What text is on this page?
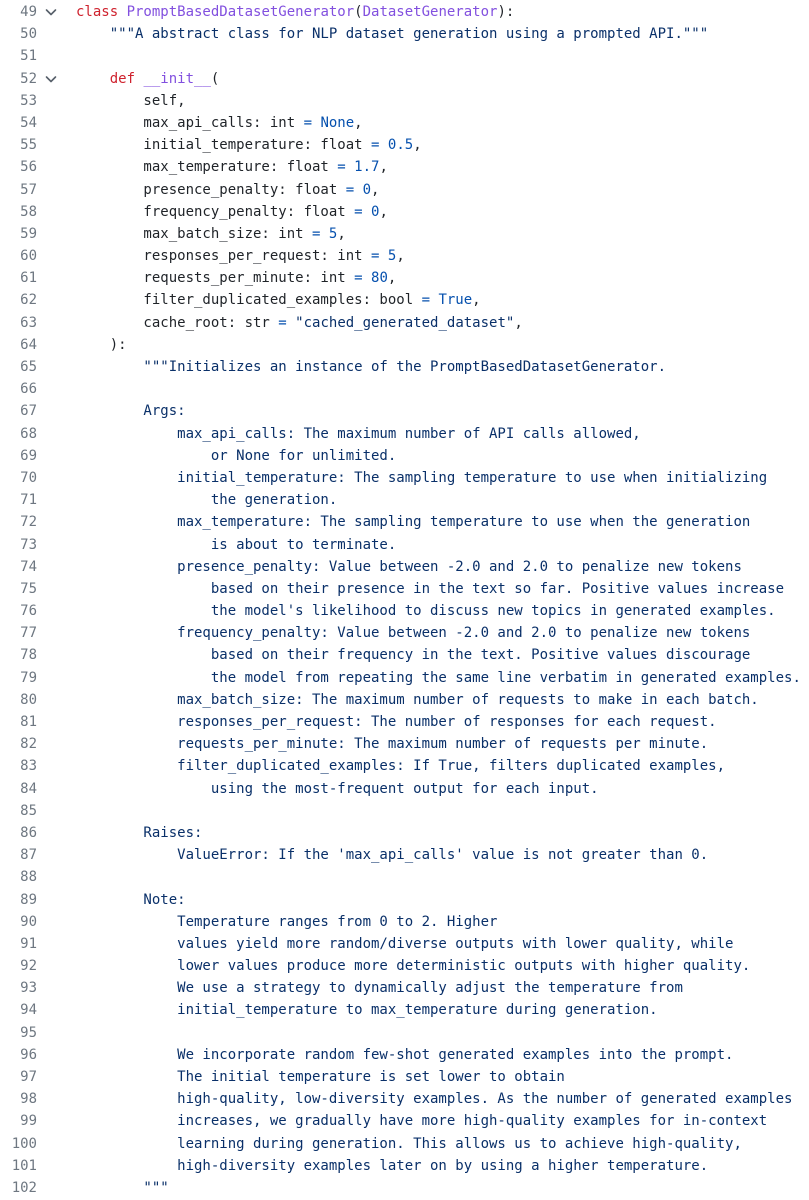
49	class PromptBasedDatasetGenerator(DatasetGenerator):
50	"""A abstract class for NLP dataset generation using a prompted API."""
51
52	def __init__(
53	self,
54	max_api_calls: int = None,
55	initial_temperature: float = 0.5,
56	max_temperature: float = 1.7,
57	presence_penalty: float = 0,
58	frequency_penalty: float = 0,
59	max_batch_size: int = 5,
60	responses_per_request: int = 5,
61	requests_per_minute: int = 80,
62	filter_duplicated_examples: bool = True,
63	cache_root: str = "cached_generated_dataset",
64	):
65	"""Initializes an instance of the PromptBasedDatasetGenerator.
66
67	Args:
68	max_api_calls: The maximum number of API calls allowed,
69	or None for unlimited.
70	initial_temperature: The sampling temperature to use when initializing
71	the generation.
72	max_temperature: The sampling temperature to use when the generation
73	is about to terminate.
74	presence_penalty: Value between -2.0 and 2.0 to penalize new tokens
75	based on their presence in the text so far. Positive values increase
76	the model's likelihood to discuss new topics in generated examples.
77	frequency_penalty: Value between -2.0 and 2.0 to penalize new tokens
78	based on their frequency in the text. Positive values discourage
79	the model from repeating the same line verbatim in generated examples.
80	max_batch_size: The maximum number of requests to make in each batch.
81	responses_per_request: The number of responses for each request.
82	requests_per_minute: The maximum number of requests per minute.
83	filter_duplicated_examples: If True, filters duplicated examples,
84	using the most-frequent output for each input.
85
86	Raises:
87	ValueError: If the 'max_api_calls' value is not greater than 0.
88
89	Note:
90	Temperature ranges from 0 to 2. Higher
91	values yield more random/diverse outputs with lower quality, while
92	lower values produce more deterministic outputs with higher quality.
93	We use a strategy to dynamically adjust the temperature from
94	initial_temperature to max_temperature during generation.
95
96	We incorporate random few-shot generated examples into the prompt.
97	The initial temperature is set lower to obtain
98	high-quality, low-diversity examples. As the number of generated examples
99	increases, we gradually have more high-quality examples for in-context
100	learning during generation. This allows us to achieve high-quality,
101	high-diversity examples later on by using a higher temperature.
102	"""
